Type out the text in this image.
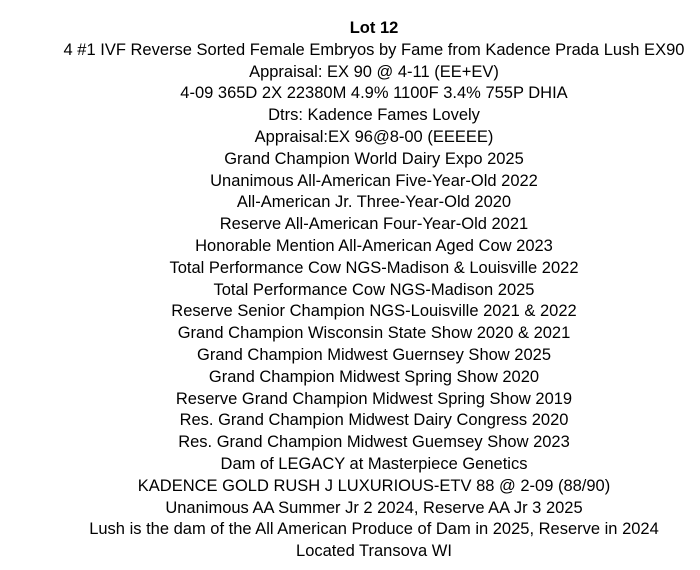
Lot 12
4 #1 IVF Reverse Sorted Female Embryos by Fame from Kadence Prada Lush EX90
Appraisal: EX 90 @ 4-11 (EE+EV)
4-09 365D 2X 22380M 4.9% 1100F 3.4% 755P DHIA
Dtrs: Kadence Fames Lovely
Appraisal:EX 96@8-00 (EEEEE)
Grand Champion World Dairy Expo 2025
Unanimous All-American Five-Year-Old 2022
All-American Jr. Three-Year-Old 2020
Reserve All-American Four-Year-Old 2021
Honorable Mention All-American Aged Cow 2023
Total Performance Cow NGS-Madison & Louisville 2022
Total Performance Cow NGS-Madison 2025
Reserve Senior Champion NGS-Louisville 2021 & 2022
Grand Champion Wisconsin State Show 2020 & 2021
Grand Champion Midwest Guernsey Show 2025
Grand Champion Midwest Spring Show 2020
Reserve Grand Champion Midwest Spring Show 2019
Res. Grand Champion Midwest Dairy Congress 2020
Res. Grand Champion Midwest Guemsey Show 2023
Dam of LEGACY at Masterpiece Genetics
KADENCE GOLD RUSH J LUXURIOUS-ETV 88 @ 2-09 (88/90)
Unanimous AA Summer Jr 2 2024, Reserve AA Jr 3 2025
Lush is the dam of the All American Produce of Dam in 2025, Reserve in 2024
Located Transova WI
